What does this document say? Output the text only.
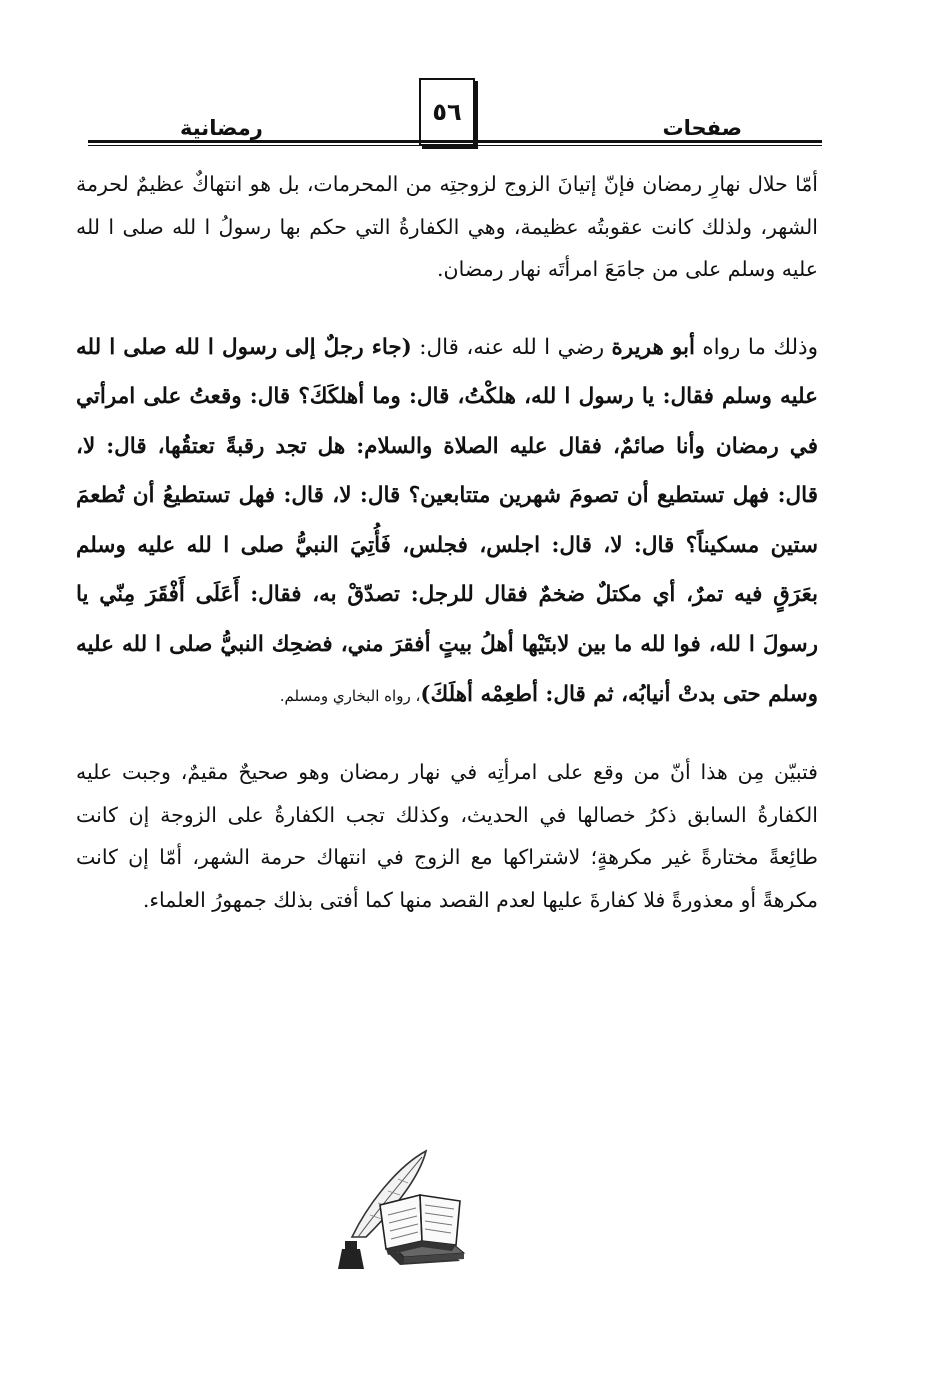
رمضانية
٥٦
صفحات

أمّا حلال نهارِ رمضان فإنّ إتيانَ الزوج لزوجتِه من المحرمات، بل هو انتهاكٌ عظيمٌ لحرمة الشهر، ولذلك كانت عقوبتُه عظيمة، وهي الكفارةُ التي حكم بها رسولُ ا لله صلى ا لله عليه وسلم على من جامَعَ امرأتَه نهار رمضان.

وذلك ما رواه أبو هريرة رضي ا لله عنه، قال: (جاء رجلٌ إلى رسول ا لله صلى ا لله عليه وسلم فقال: يا رسول ا لله، هلكْتُ، قال: وما أهلكَكَ؟ قال: وقعتُ على امرأتي في رمضان وأنا صائمٌ، فقال عليه الصلاة والسلام: هل تجد رقبةً تعتقُها، قال: لا، قال: فهل تستطيع أن تصومَ شهرين متتابعين؟ قال: لا، قال: فهل تستطيعُ أن تُطعمَ ستين مسكيناً؟ قال: لا، قال: اجلس، فجلس، فَأُتِيَ النبيُّ صلى ا لله عليه وسلم بعَرَقٍ فيه تمرٌ، أي مكتلٌ ضخمٌ فقال للرجل: تصدّقْ به، فقال: أَعَلَى أَفْقَرَ مِنّي يا رسولَ ا لله، فوا لله ما بين لابتَيْها أهلُ بيتٍ أفقرَ مني، فضحِك النبيُّ صلى ا لله عليه وسلم حتى بدتْ أنيابُه، ثم قال: أطعِمْه أهلَكَ)، رواه البخاري ومسلم.

فتبيّن مِن هذا أنّ من وقع على امرأتِه في نهار رمضان وهو صحيحٌ مقيمٌ، وجبت عليه الكفارةُ السابق ذكرُ خصالها في الحديث، وكذلك تجب الكفارةُ على الزوجة إن كانت طائِعةً مختارةً غير مكرهةٍ؛ لاشتراكها مع الزوج في انتهاك حرمة الشهر، أمّا إن كانت مكرهةً أو معذورةً فلا كفارةَ عليها لعدم القصد منها كما أفتى بذلك جمهورُ العلماء.
